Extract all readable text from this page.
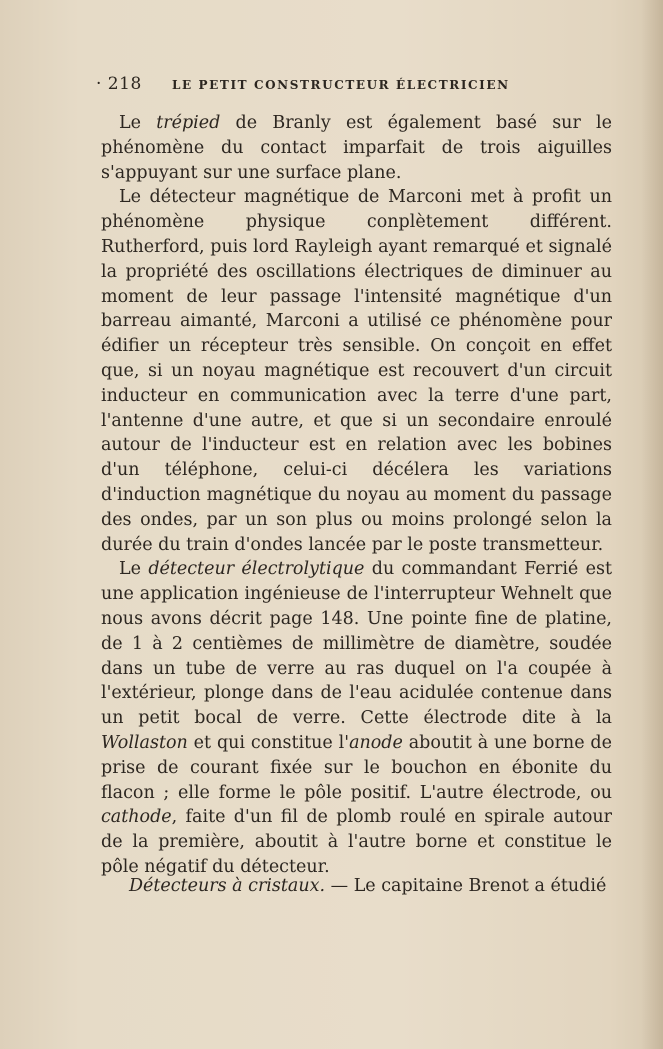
· 218	LE PETIT CONSTRUCTEUR ÉLECTRICIEN

Le trépied de Branly est également basé sur le phénomène du contact imparfait de trois aiguilles s'appuyant sur une surface plane.

Le détecteur magnétique de Marconi met à profit un phénomène physique conplètement différent. Rutherford, puis lord Rayleigh ayant remarqué et signalé la propriété des oscillations électriques de diminuer au moment de leur passage l'intensité magnétique d'un barreau aimanté, Marconi a utilisé ce phénomène pour édifier un récepteur très sensible. On conçoit en effet que, si un noyau magnétique est recouvert d'un circuit inducteur en communication avec la terre d'une part, l'antenne d'une autre, et que si un secondaire enroulé autour de l'inducteur est en relation avec les bobines d'un téléphone, celui-ci décélera les variations d'induction magnétique du noyau au moment du passage des ondes, par un son plus ou moins prolongé selon la durée du train d'ondes lancée par le poste transmetteur.

Le détecteur électrolytique du commandant Ferrié est une application ingénieuse de l'interrupteur Wehnelt que nous avons décrit page 148. Une pointe fine de platine, de 1 à 2 centièmes de millimètre de diamètre, soudée dans un tube de verre au ras duquel on l'a coupée à l'extérieur, plonge dans de l'eau acidulée contenue dans un petit bocal de verre. Cette électrode dite à la Wollaston et qui constitue l'anode aboutit à une borne de prise de courant fixée sur le bouchon en ébonite du flacon ; elle forme le pôle positif. L'autre électrode, ou cathode, faite d'un fil de plomb roulé en spirale autour de la première, aboutit à l'autre borne et constitue le pôle négatif du détecteur.

Détecteurs à cristaux. — Le capitaine Brenot a étudié
